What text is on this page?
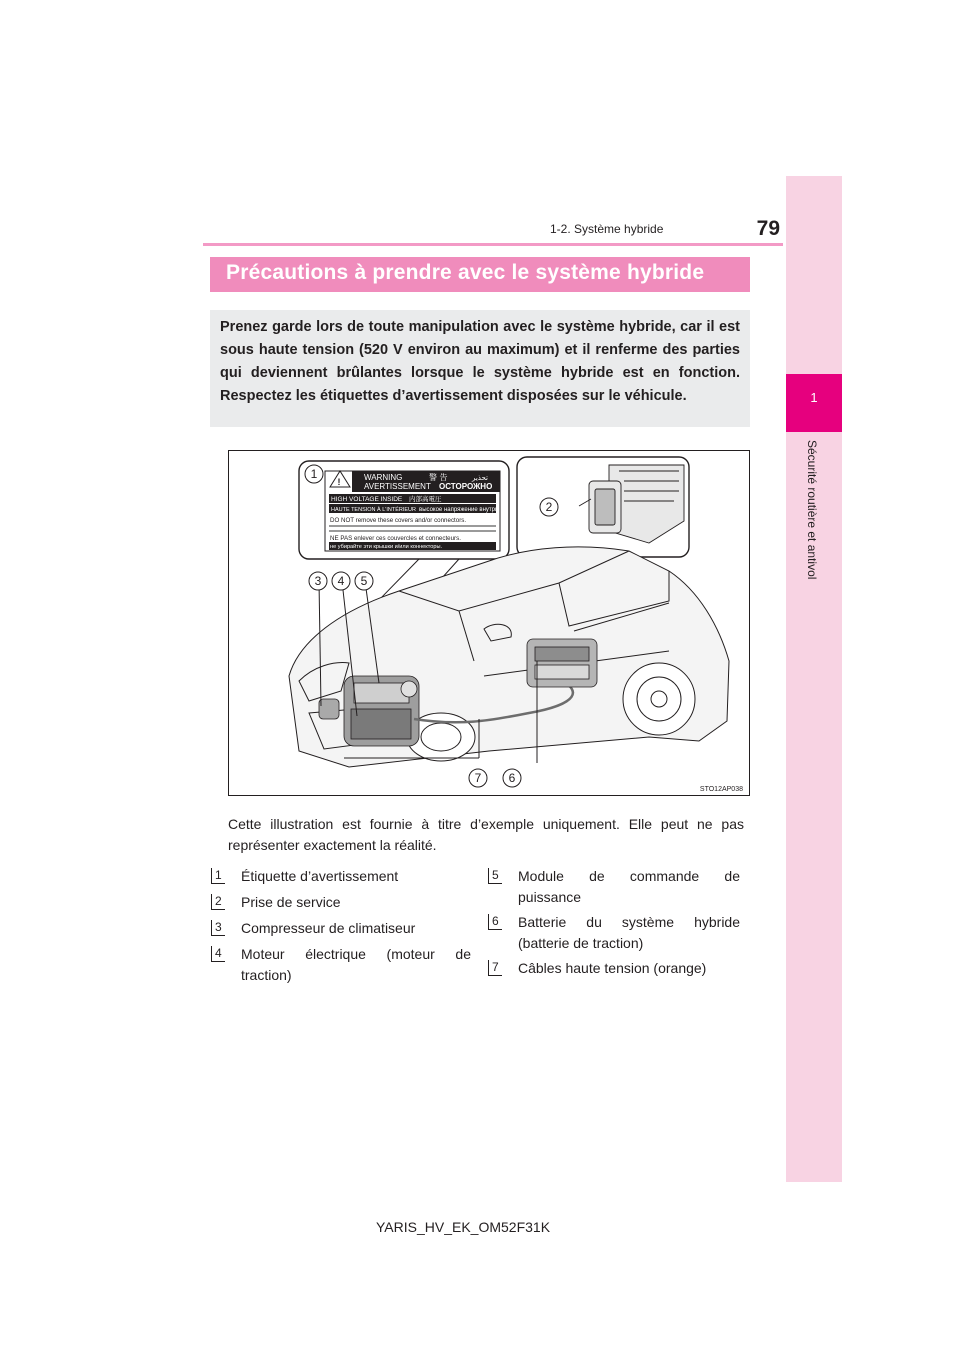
1
Sécurité routière et antivol
1-2. Système hybride	79
Précautions à prendre avec le système hybride

Prenez garde lors de toute manipulation avec le système hybride, car il est sous haute tension (520 V environ au maximum) et il renferme des parties qui deviennent brûlantes lorsque le système hybride est en fonction. Respectez les étiquettes d’avertissement disposées sur le véhicule.

!	WARNING	警 告	تحذير
AVERTISSEMENT ОСТОРОЖНО
HIGH VOLTAGE INSIDE 内部高電圧
HAUTE TENSION À L'INTÉRIEUR высокое напряжение внутри
DO NOT remove these covers and/or connectors.
NE PAS enlever ces couvercles et connecteurs.
не убирайте эти крышки и/или коннекторы.
1
2
3 4 5
6
7
STO12AP038

Cette illustration est fournie à titre d’exemple uniquement. Elle peut ne pas représenter exactement la réalité.

1 Étiquette d’avertissement
2 Prise de service
3 Compresseur de climatiseur
4 Moteur électrique (moteur de traction)
5 Module de commande de puissance
6 Batterie du système hybride (batterie de traction)
7 Câbles haute tension (orange)
YARIS_HV_EK_OM52F31K
